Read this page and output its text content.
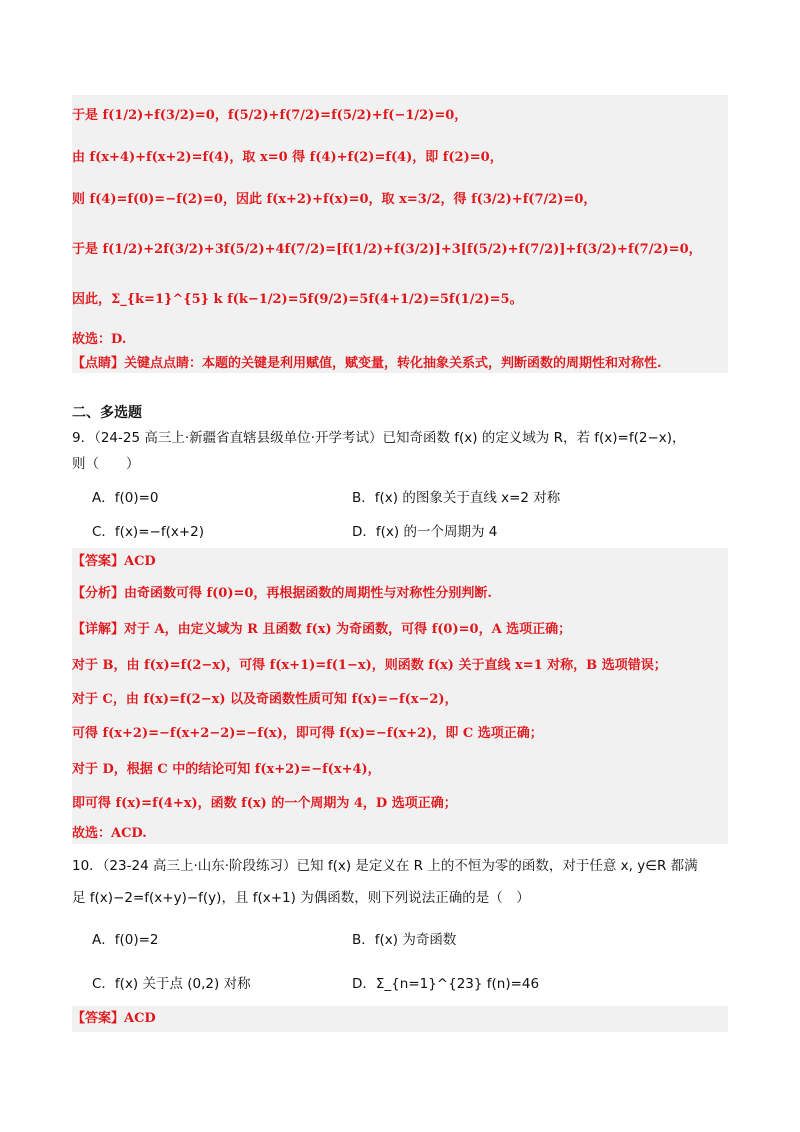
于是 f(1/2)+f(3/2)=0，f(5/2)+f(7/2)=f(5/2)+f(−1/2)=0，
由 f(x+4)+f(x+2)=f(4)，取 x=0 得 f(4)+f(2)=f(4)，即 f(2)=0，
则 f(4)=f(0)=−f(2)=0，因此 f(x+2)+f(x)=0，取 x=3/2，得 f(3/2)+f(7/2)=0，
于是 f(1/2)+2f(3/2)+3f(5/2)+4f(7/2)=[f(1/2)+f(3/2)]+3[f(5/2)+f(7/2)]+f(3/2)+f(7/2)=0，
因此，Σ_{k=1}^{5} k f(k−1/2)=5f(9/2)=5f(4+1/2)=5f(1/2)=5。
故选：D.
【点睛】关键点点睛：本题的关键是利用赋值，赋变量，转化抽象关系式，判断函数的周期性和对称性.
二、多选题
9．（24-25 高三上·新疆省直辖县级单位·开学考试）已知奇函数 f(x) 的定义域为 R，若 f(x)=f(2−x)，
则（　　）
A．f(0)=0	B．f(x) 的图象关于直线 x=2 对称
C．f(x)=−f(x+2)	D．f(x) 的一个周期为 4
【答案】ACD
【分析】由奇函数可得 f(0)=0，再根据函数的周期性与对称性分别判断.
【详解】对于 A，由定义域为 R 且函数 f(x) 为奇函数，可得 f(0)=0，A 选项正确；
对于 B，由 f(x)=f(2−x)，可得 f(x+1)=f(1−x)，则函数 f(x) 关于直线 x=1 对称，B 选项错误；
对于 C，由 f(x)=f(2−x) 以及奇函数性质可知 f(x)=−f(x−2)，
可得 f(x+2)=−f(x+2−2)=−f(x)，即可得 f(x)=−f(x+2)，即 C 选项正确；
对于 D，根据 C 中的结论可知 f(x+2)=−f(x+4)，
即可得 f(x)=f(4+x)，函数 f(x) 的一个周期为 4，D 选项正确；
故选：ACD.
10．（23-24 高三上·山东·阶段练习）已知 f(x) 是定义在 R 上的不恒为零的函数，对于任意 x, y∈R 都满
足 f(x)−2=f(x+y)−f(y)，且 f(x+1) 为偶函数，则下列说法正确的是（　）
A．f(0)=2	B．f(x) 为奇函数
C．f(x) 关于点 (0,2) 对称	D．Σ_{n=1}^{23} f(n)=46
【答案】ACD
